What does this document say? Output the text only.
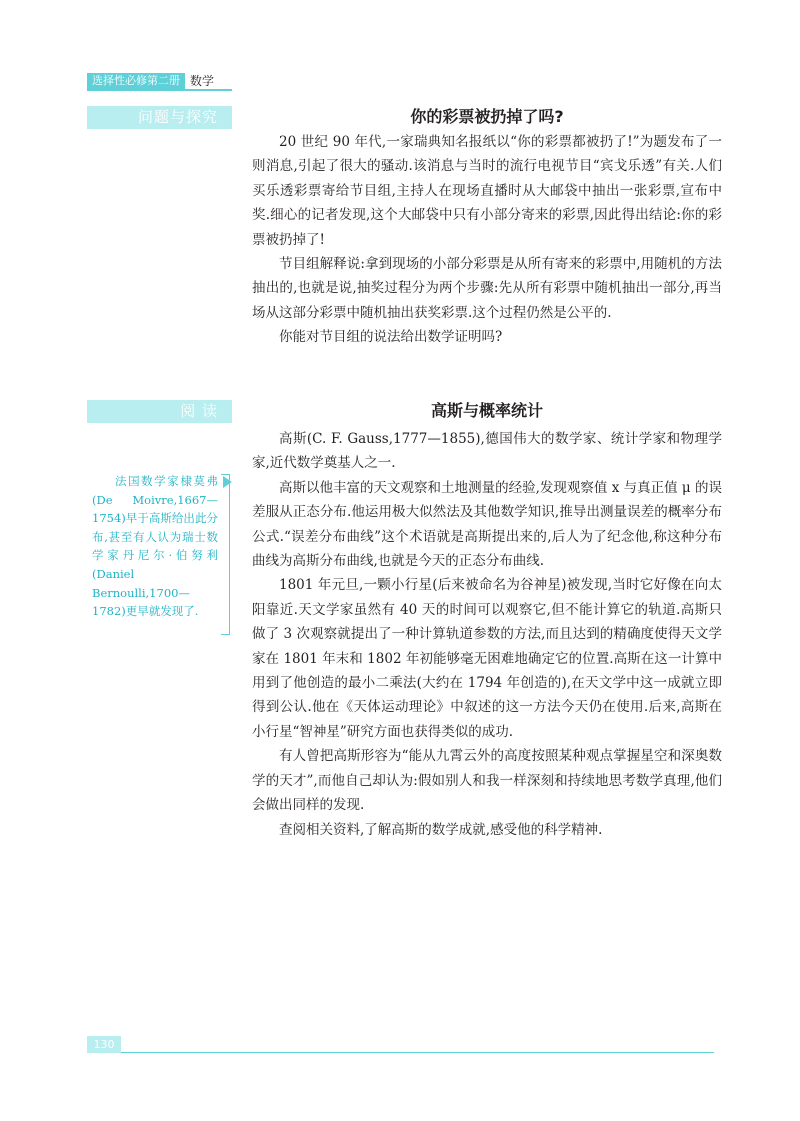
选择性必修第二册 数学
问题与探究	你的彩票被扔掉了吗?

20 世纪 90 年代,一家瑞典知名报纸以“你的彩票都被扔了!”为题发布了一则消息,引起了很大的骚动.该消息与当时的流行电视节目“宾戈乐透”有关.人们买乐透彩票寄给节目组,主持人在现场直播时从大邮袋中抽出一张彩票,宣布中奖.细心的记者发现,这个大邮袋中只有小部分寄来的彩票,因此得出结论:你的彩票被扔掉了!

节目组解释说:拿到现场的小部分彩票是从所有寄来的彩票中,用随机的方法抽出的,也就是说,抽奖过程分为两个步骤:先从所有彩票中随机抽出一部分,再当场从这部分彩票中随机抽出获奖彩票.这个过程仍然是公平的.

你能对节目组的说法给出数学证明吗?

阅 读	高斯与概率统计

高斯(C. F. Gauss,1777—1855),德国伟大的数学家、统计学家和物理学家,近代数学奠基人之一.

高斯以他丰富的天文观察和土地测量的经验,发现观察值 x 与真正值 μ 的误差服从正态分布.他运用极大似然法及其他数学知识,推导出测量误差的概率分布公式.“误差分布曲线”这个术语就是高斯提出来的,后人为了纪念他,称这种分布曲线为高斯分布曲线,也就是今天的正态分布曲线.

1801 年元旦,一颗小行星(后来被命名为谷神星)被发现,当时它好像在向太阳靠近.天文学家虽然有 40 天的时间可以观察它,但不能计算它的轨道.高斯只做了 3 次观察就提出了一种计算轨道参数的方法,而且达到的精确度使得天文学家在 1801 年末和 1802 年初能够毫无困难地确定它的位置.高斯在这一计算中用到了他创造的最小二乘法(大约在 1794 年创造的),在天文学中这一成就立即得到公认.他在《天体运动理论》中叙述的这一方法今天仍在使用.后来,高斯在小行星“智神星”研究方面也获得类似的成功.

有人曾把高斯形容为“能从九霄云外的高度按照某种观点掌握星空和深奥数学的天才”,而他自己却认为:假如别人和我一样深刻和持续地思考数学真理,他们会做出同样的发现.

查阅相关资料,了解高斯的数学成就,感受他的科学精神.

法国数学家棣莫弗(De Moivre,1667—1754)早于高斯给出此分布,甚至有人认为瑞士数学家丹尼尔·伯努利(Daniel Bernoulli,1700—1782)更早就发现了.
130
